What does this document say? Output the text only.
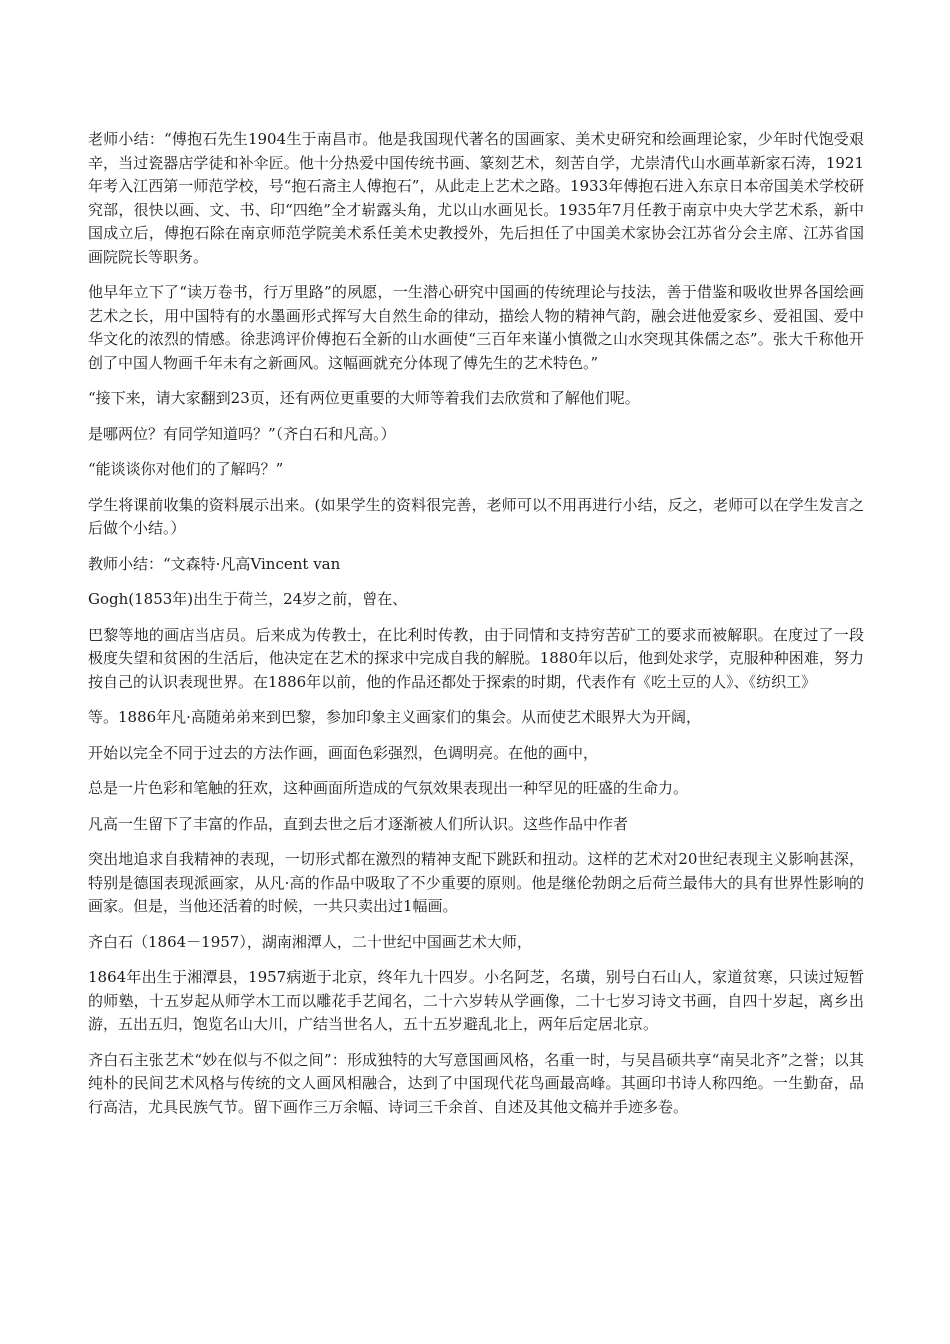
老师小结：“傅抱石先生1904生于南昌市。他是我国现代著名的国画家、美术史研究和绘画理论家，少年时代饱受艰辛，当过瓷器店学徒和补伞匠。他十分热爱中国传统书画、篆刻艺术，刻苦自学，尤崇清代山水画革新家石涛，1921年考入江西第一师范学校，号“抱石斋主人傅抱石”，从此走上艺术之路。1933年傅抱石进入东京日本帝国美术学校研究部，很快以画、文、书、印“四绝”全才崭露头角，尤以山水画见长。1935年7月任教于南京中央大学艺术系，新中国成立后，傅抱石除在南京师范学院美术系任美术史教授外，先后担任了中国美术家协会江苏省分会主席、江苏省国画院院长等职务。

他早年立下了“读万卷书，行万里路”的夙愿，一生潜心研究中国画的传统理论与技法，善于借鉴和吸收世界各国绘画艺术之长，用中国特有的水墨画形式挥写大自然生命的律动，描绘人物的精神气韵，融会进他爱家乡、爱祖国、爱中华文化的浓烈的情感。徐悲鸿评价傅抱石全新的山水画使“三百年来谨小慎微之山水突现其侏儒之态”。张大千称他开创了中国人物画千年未有之新画风。这幅画就充分体现了傅先生的艺术特色。”

“接下来，请大家翻到23页，还有两位更重要的大师等着我们去欣赏和了解他们呢。

是哪两位？有同学知道吗？”（齐白石和凡高。）

“能谈谈你对他们的了解吗？”

学生将课前收集的资料展示出来。(如果学生的资料很完善，老师可以不用再进行小结，反之，老师可以在学生发言之后做个小结。）

教师小结：“文森特·凡高Vincent van

Gogh(1853年)出生于荷兰，24岁之前，曾在、

巴黎等地的画店当店员。后来成为传教士，在比利时传教，由于同情和支持穷苦矿工的要求而被解职。在度过了一段极度失望和贫困的生活后，他决定在艺术的探求中完成自我的解脱。1880年以后，他到处求学，克服种种困难，努力按自己的认识表现世界。在1886年以前，他的作品还都处于探索的时期，代表作有《吃土豆的人》、《纺织工》

等。1886年凡·高随弟弟来到巴黎，参加印象主义画家们的集会。从而使艺术眼界大为开阔，

开始以完全不同于过去的方法作画，画面色彩强烈，色调明亮。在他的画中，

总是一片色彩和笔触的狂欢，这种画面所造成的气氛效果表现出一种罕见的旺盛的生命力。

凡高一生留下了丰富的作品，直到去世之后才逐渐被人们所认识。这些作品中作者

突出地追求自我精神的表现，一切形式都在激烈的精神支配下跳跃和扭动。这样的艺术对20世纪表现主义影响甚深，特别是德国表现派画家，从凡·高的作品中吸取了不少重要的原则。他是继伦勃朗之后荷兰最伟大的具有世界性影响的画家。但是，当他还活着的时候，一共只卖出过1幅画。

齐白石（1864－1957），湖南湘潭人，二十世纪中国画艺术大师，

1864年出生于湘潭县，1957病逝于北京，终年九十四岁。小名阿芝，名璜，别号白石山人，家道贫寒，只读过短暂的师塾，十五岁起从师学木工而以雕花手艺闻名，二十六岁转从学画像，二十七岁习诗文书画，自四十岁起，离乡出游，五出五归，饱览名山大川，广结当世名人，五十五岁避乱北上，两年后定居北京。

齐白石主张艺术“妙在似与不似之间”：形成独特的大写意国画风格，名重一时，与吴昌硕共享“南吴北齐”之誉；以其纯朴的民间艺术风格与传统的文人画风相融合，达到了中国现代花鸟画最高峰。其画印书诗人称四绝。一生勤奋，品行高洁，尤具民族气节。留下画作三万余幅、诗词三千余首、自述及其他文稿并手迹多卷。
